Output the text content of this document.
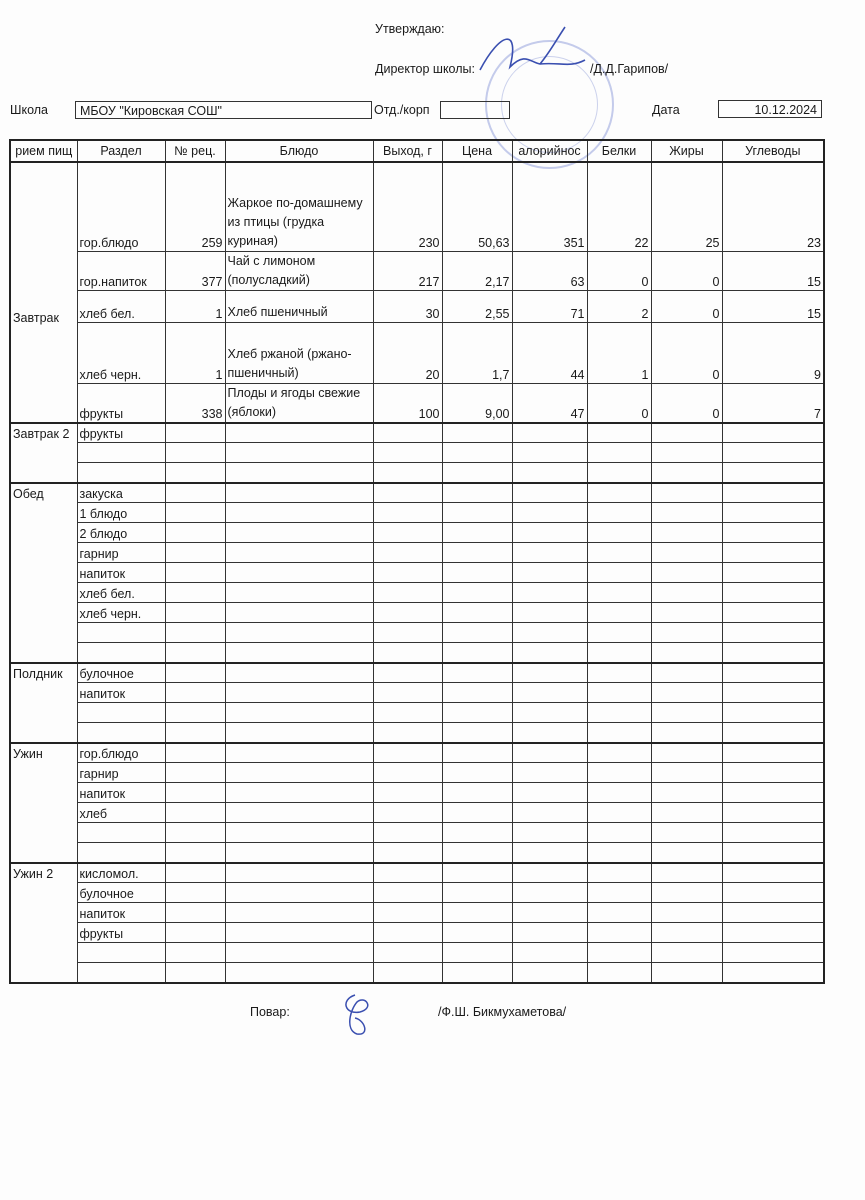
Утверждаю:
Директор школы:	/Д.Д.Гарипов/
Школа	МБОУ "Кировская СОШ"	Отд./корп	Дата	10.12.2024
рием пищ	Раздел	№ рец.	Блюдо	Выход, г	Цена	алорийнос	Белки	Жиры	Углеводы
Завтрак	гор.блюдо	259	Жаркое по-домашнему из птицы (грудка куриная)	230	50,63	351	22	25	23
	гор.напиток	377	Чай с лимоном (полусладкий)	217	2,17	63	0	0	15
	хлеб бел.	1	Хлеб пшеничный	30	2,55	71	2	0	15
	хлеб черн.	1	Хлеб ржаной (ржано-пшеничный)	20	1,7	44	1	0	9
	фрукты	338	Плоды и ягоды свежие (яблоки)	100	9,00	47	0	0	7
Завтрак 2	фрукты								

Обед	закуска								
	1 блюдо								
	2 блюдо								
	гарнир								
	напиток								
	хлеб бел.								
	хлеб черн.								

Полдник	булочное								
	напиток								

Ужин	гор.блюдо								
	гарнир								
	напиток								
	хлеб								

Ужин 2	кисломол.								
	булочное								
	напиток								
	фрукты								

Повар:	/Ф.Ш. Бикмухаметова/
